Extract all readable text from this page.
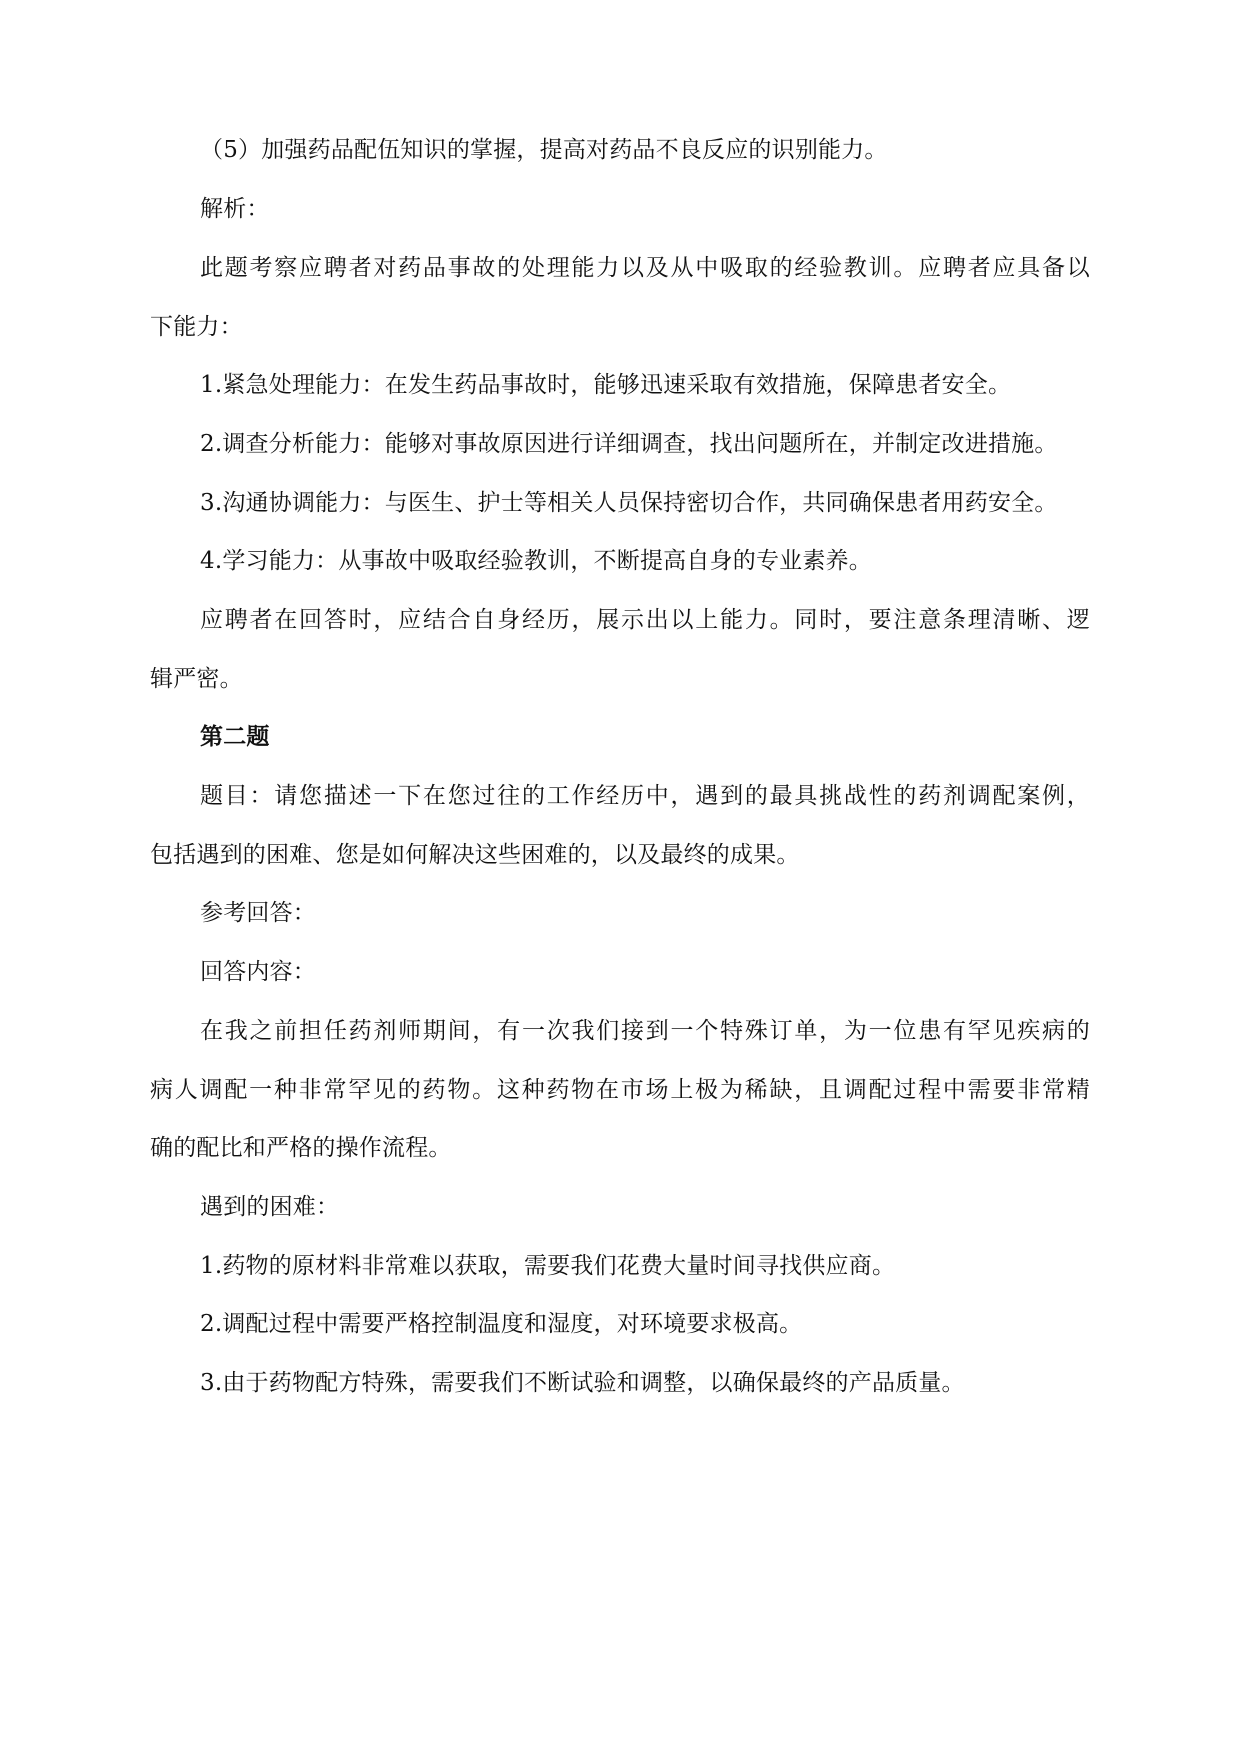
（5）加强药品配伍知识的掌握，提高对药品不良反应的识别能力。
解析：
此题考察应聘者对药品事故的处理能力以及从中吸取的经验教训。应聘者应具备以
下能力：
1.紧急处理能力：在发生药品事故时，能够迅速采取有效措施，保障患者安全。
2.调查分析能力：能够对事故原因进行详细调查，找出问题所在，并制定改进措施。
3.沟通协调能力：与医生、护士等相关人员保持密切合作，共同确保患者用药安全。
4.学习能力：从事故中吸取经验教训，不断提高自身的专业素养。
应聘者在回答时，应结合自身经历，展示出以上能力。同时，要注意条理清晰、逻
辑严密。
第二题
题目：请您描述一下在您过往的工作经历中，遇到的最具挑战性的药剂调配案例，
包括遇到的困难、您是如何解决这些困难的，以及最终的成果。
参考回答：
回答内容：
在我之前担任药剂师期间，有一次我们接到一个特殊订单，为一位患有罕见疾病的
病人调配一种非常罕见的药物。这种药物在市场上极为稀缺，且调配过程中需要非常精
确的配比和严格的操作流程。
遇到的困难：
1.药物的原材料非常难以获取，需要我们花费大量时间寻找供应商。
2.调配过程中需要严格控制温度和湿度，对环境要求极高。
3.由于药物配方特殊，需要我们不断试验和调整，以确保最终的产品质量。
